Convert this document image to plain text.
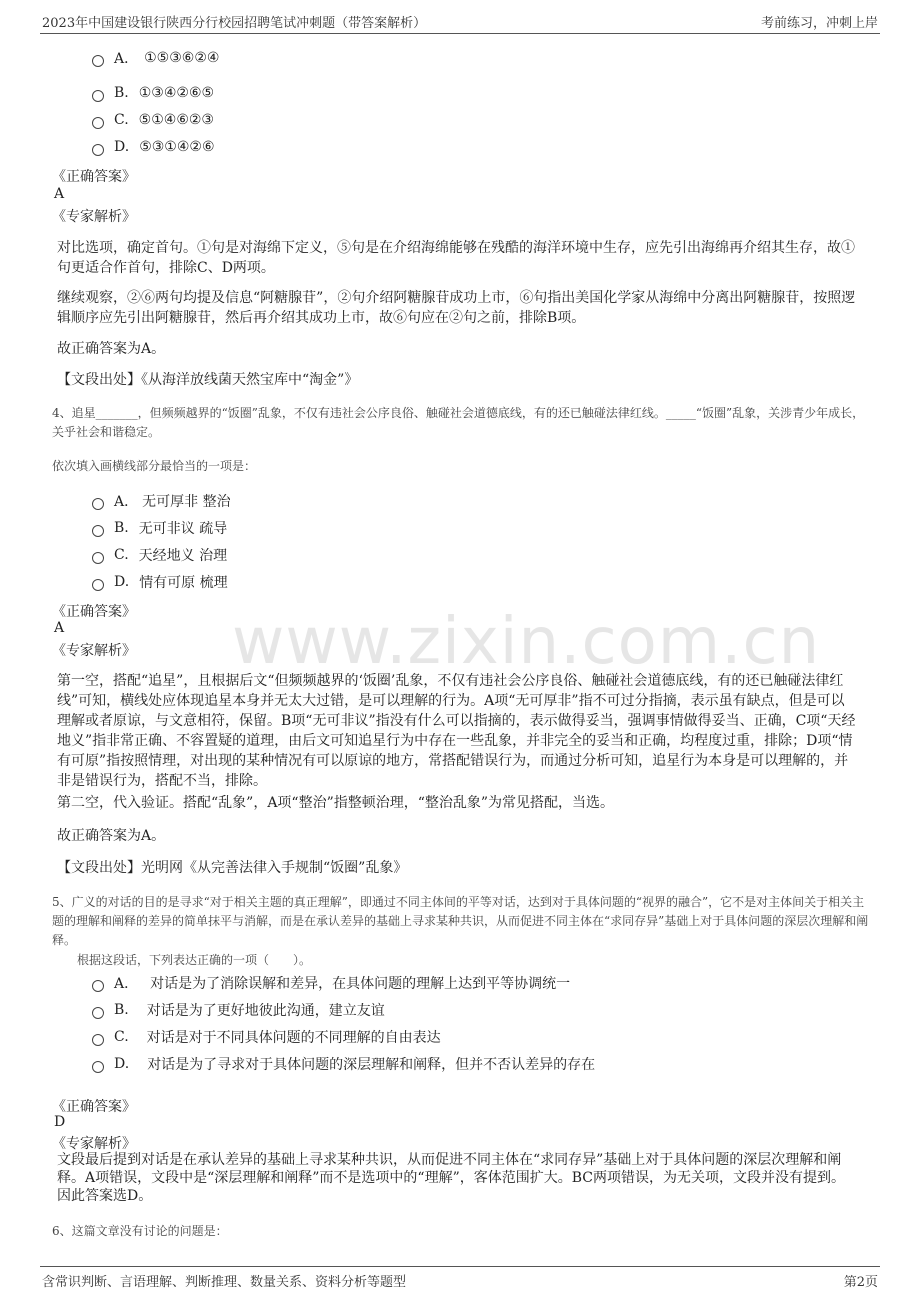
2023年中国建设银行陕西分行校园招聘笔试冲刺题（带答案解析）	考前练习，冲刺上岸
A． ①⑤③⑥②④
B. ①③④②⑥⑤
C. ⑤①④⑥②③
D. ⑤③①④②⑥
《正确答案》
A
《专家解析》
对比选项，确定首句。①句是对海绵下定义，⑤句是在介绍海绵能够在残酷的海洋环境中生存，应先引出海绵再介绍其生存，故①句更适合作首句，排除C、D两项。
继续观察，②⑥两句均提及信息“阿糖腺苷”，②句介绍阿糖腺苷成功上市，⑥句指出美国化学家从海绵中分离出阿糖腺苷，按照逻辑顺序应先引出阿糖腺苷，然后再介绍其成功上市，故⑥句应在②句之前，排除B项。
故正确答案为A。
【文段出处】《从海洋放线菌天然宝库中“淘金”》
4、追星_______，但频频越界的“饭圈”乱象，不仅有违社会公序良俗、触碰社会道德底线，有的还已触碰法律红线。_____“饭圈”乱象，关涉青少年成长，关乎社会和谐稳定。
依次填入画横线部分最恰当的一项是：
A． 无可厚非 整治
B. 无可非议 疏导
C. 天经地义 治理
D. 情有可原 梳理
《正确答案》
A
《专家解析》 www.zixin.com.cn
第一空，搭配“追星”，且根据后文“但频频越界的‘饭圈’乱象，不仅有违社会公序良俗、触碰社会道德底线，有的还已触碰法律红线”可知，横线处应体现追星本身并无太大过错，是可以理解的行为。A项“无可厚非”指不可过分指摘，表示虽有缺点，但是可以理解或者原谅，与文意相符，保留。B项“无可非议”指没有什么可以指摘的，表示做得妥当，强调事情做得妥当、正确，C项“天经地义”指非常正确、不容置疑的道理，由后文可知追星行为中存在一些乱象，并非完全的妥当和正确，均程度过重，排除；D项“情有可原”指按照情理，对出现的某种情况有可以原谅的地方，常搭配错误行为，而通过分析可知，追星行为本身是可以理解的，并非是错误行为，搭配不当，排除。
第二空，代入验证。搭配“乱象”，A项“整治”指整顿治理，“整治乱象”为常见搭配，当选。
故正确答案为A。
【文段出处】光明网《从完善法律入手规制“饭圈”乱象》
5、广义的对话的目的是寻求“对于相关主题的真正理解”，即通过不同主体间的平等对话，达到对于具体问题的“视界的融合”，它不是对主体间关于相关主题的理解和阐释的差异的简单抹平与消解，而是在承认差异的基础上寻求某种共识，从而促进不同主体在“求同存异”基础上对于具体问题的深层次理解和阐释。
根据这段话，下列表达正确的一项（　　）。
A． 对话是为了消除误解和差异，在具体问题的理解上达到平等协调统一
B. 对话是为了更好地彼此沟通，建立友谊
C. 对话是对于不同具体问题的不同理解的自由表达
D. 对话是为了寻求对于具体问题的深层理解和阐释，但并不否认差异的存在
《正确答案》
D
《专家解析》
文段最后提到对话是在承认差异的基础上寻求某种共识，从而促进不同主体在“求同存异”基础上对于具体问题的深层次理解和阐释。A项错误，文段中是“深层理解和阐释”而不是选项中的“理解”，客体范围扩大。BC两项错误，为无关项，文段并没有提到。因此答案选D。
6、这篇文章没有讨论的问题是：
含常识判断、言语理解、判断推理、数量关系、资料分析等题型	第2页
